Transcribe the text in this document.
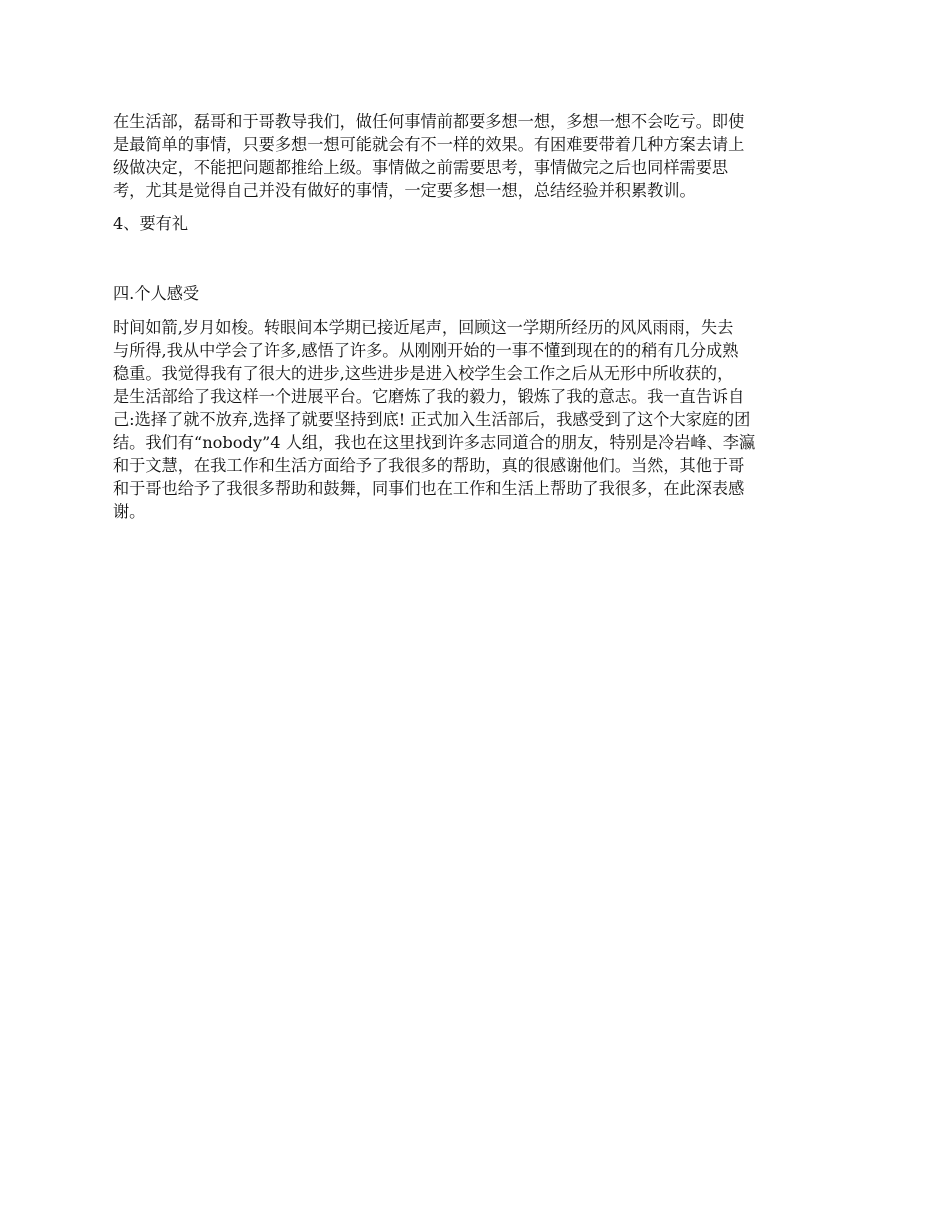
在生活部，磊哥和于哥教导我们，做任何事情前都要多想一想，多想一想不会吃亏。即使
是最简单的事情，只要多想一想可能就会有不一样的效果。有困难要带着几种方案去请上
级做决定，不能把问题都推给上级。事情做之前需要思考，事情做完之后也同样需要思
考，尤其是觉得自己并没有做好的事情，一定要多想一想，总结经验并积累教训。

4、要有礼

四.个人感受

时间如箭,岁月如梭。转眼间本学期已接近尾声，回顾这一学期所经历的风风雨雨，失去
与所得,我从中学会了许多,感悟了许多。从刚刚开始的一事不懂到现在的的稍有几分成熟
稳重。我觉得我有了很大的进步,这些进步是进入校学生会工作之后从无形中所收获的，
是生活部给了我这样一个进展平台。它磨炼了我的毅力，锻炼了我的意志。我一直告诉自
己:选择了就不放弃,选择了就要坚持到底! 正式加入生活部后，我感受到了这个大家庭的团
结。我们有“nobody”4 人组，我也在这里找到许多志同道合的朋友，特别是冷岩峰、李瀛
和于文慧，在我工作和生活方面给予了我很多的帮助，真的很感谢他们。当然，其他于哥
和于哥也给予了我很多帮助和鼓舞，同事们也在工作和生活上帮助了我很多，在此深表感
谢。
